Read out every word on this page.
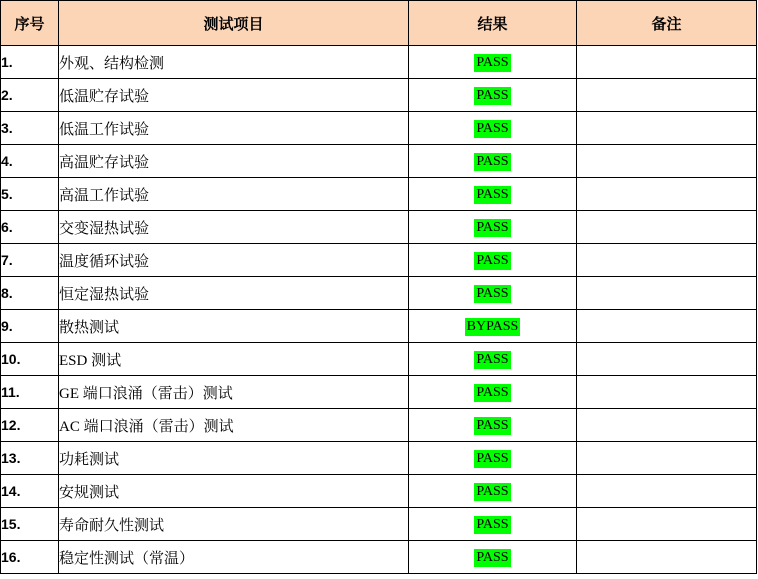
序号	测试项目	结果	备注
1.	外观、结构检测	PASS	
2.	低温贮存试验	PASS	
3.	低温工作试验	PASS	
4.	高温贮存试验	PASS	
5.	高温工作试验	PASS	
6.	交变湿热试验	PASS	
7.	温度循环试验	PASS	
8.	恒定湿热试验	PASS	
9.	散热测试	BYPASS	
10.	ESD 测试	PASS	
11.	GE 端口浪涌（雷击）测试	PASS	
12.	AC 端口浪涌（雷击）测试	PASS	
13.	功耗测试	PASS	
14.	安规测试	PASS	
15.	寿命耐久性测试	PASS	
16.	稳定性测试（常温）	PASS	
